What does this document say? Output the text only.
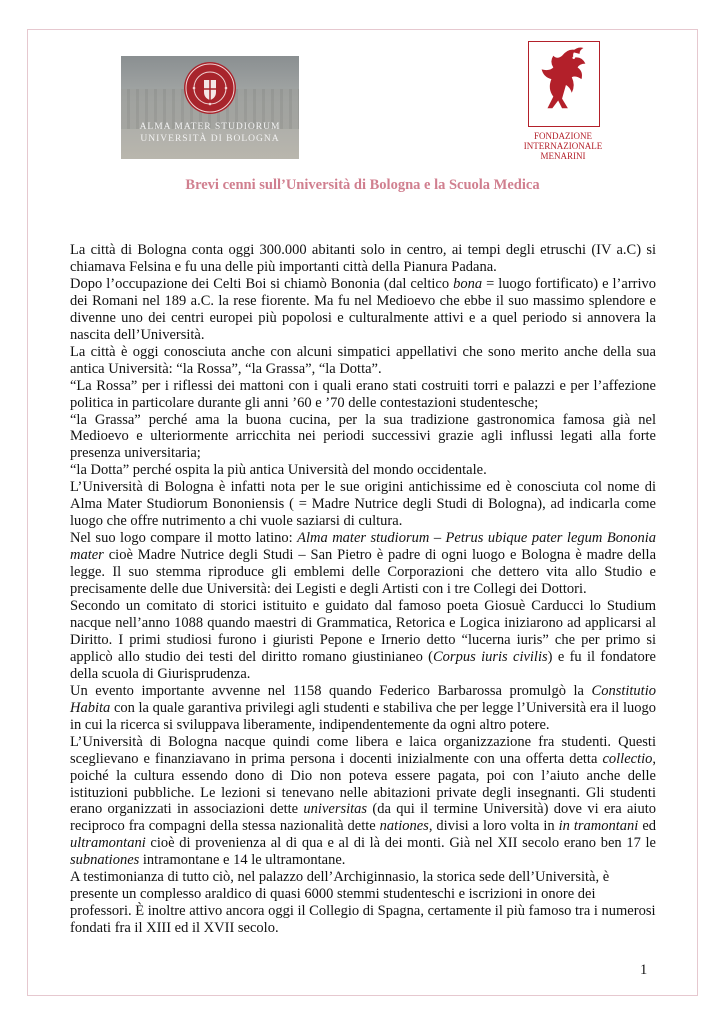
ALMA MATER STUDIORUM
UNIVERSITÀ DI BOLOGNA	FONDAZIONE
INTERNAZIONALE
MENARINI
Brevi cenni sull’Università di Bologna e la Scuola Medica

La città di Bologna conta oggi 300.000 abitanti solo in centro, ai tempi degli etruschi (IV a.C) si chiamava Felsina e fu una delle più importanti città della Pianura Padana.

Dopo l’occupazione dei Celti Boi si chiamò Bononia (dal celtico bona = luogo fortificato) e l’arrivo dei Romani nel 189 a.C. la rese fiorente. Ma fu nel Medioevo che ebbe il suo massimo splendore e divenne uno dei centri europei più popolosi e culturalmente attivi e a quel periodo si annovera la nascita dell’Università.

La città è oggi conosciuta anche con alcuni simpatici appellativi che sono merito anche della sua antica Università: “la Rossa”, “la Grassa”, “la Dotta”.

“La Rossa” per i riflessi dei mattoni con i quali erano stati costruiti torri e palazzi e per l’affezione politica in particolare durante gli anni ’60 e ’70 delle contestazioni studentesche;

“la Grassa” perché ama la buona cucina, per la sua tradizione gastronomica famosa già nel Medioevo e ulteriormente arricchita nei periodi successivi grazie agli influssi legati alla forte presenza universitaria;

“la Dotta” perché ospita la più antica Università del mondo occidentale.

L’Università di Bologna è infatti nota per le sue origini antichissime ed è conosciuta col nome di Alma Mater Studiorum Bononiensis ( = Madre Nutrice degli Studi di Bologna), ad indicarla come luogo che offre nutrimento a chi vuole saziarsi di cultura.

Nel suo logo compare il motto latino: Alma mater studiorum – Petrus ubique pater legum Bononia mater cioè Madre Nutrice degli Studi – San Pietro è padre di ogni luogo e Bologna è madre della legge. Il suo stemma riproduce gli emblemi delle Corporazioni che dettero vita allo Studio e precisamente delle due Università: dei Legisti e degli Artisti con i tre Collegi dei Dottori.

Secondo un comitato di storici istituito e guidato dal famoso poeta Giosuè Carducci lo Studium nacque nell’anno 1088 quando maestri di Grammatica, Retorica e Logica iniziarono ad applicarsi al Diritto. I primi studiosi furono i giuristi Pepone e Irnerio detto “lucerna iuris” che per primo si applicò allo studio dei testi del diritto romano giustinianeo (Corpus iuris civilis) e fu il fondatore della scuola di Giurisprudenza.

Un evento importante avvenne nel 1158 quando Federico Barbarossa promulgò la Constitutio Habita con la quale garantiva privilegi agli studenti e stabiliva che per legge l’Università era il luogo in cui la ricerca si sviluppava liberamente, indipendentemente da ogni altro potere.

L’Università di Bologna nacque quindi come libera e laica organizzazione fra studenti. Questi sceglievano e finanziavano in prima persona i docenti inizialmente con una offerta detta collectio, poiché la cultura essendo dono di Dio non poteva essere pagata, poi con l’aiuto anche delle istituzioni pubbliche. Le lezioni si tenevano nelle abitazioni private degli insegnanti. Gli studenti erano organizzati in associazioni dette universitas (da qui il termine Università) dove vi era aiuto reciproco fra compagni della stessa nazionalità dette nationes, divisi a loro volta in in tramontani ed ultramontani cioè di provenienza al di qua e al di là dei monti. Già nel XII secolo erano ben 17 le subnationes intramontane e 14 le ultramontane.

A testimonianza di tutto ciò, nel palazzo dell’Archiginnasio, la storica sede dell’Università, è presente un complesso araldico di quasi 6000 stemmi studenteschi e iscrizioni in onore dei professori. È inoltre attivo ancora oggi il Collegio di Spagna, certamente il più famoso tra i numerosi fondati fra il XIII ed il XVII secolo.

1
